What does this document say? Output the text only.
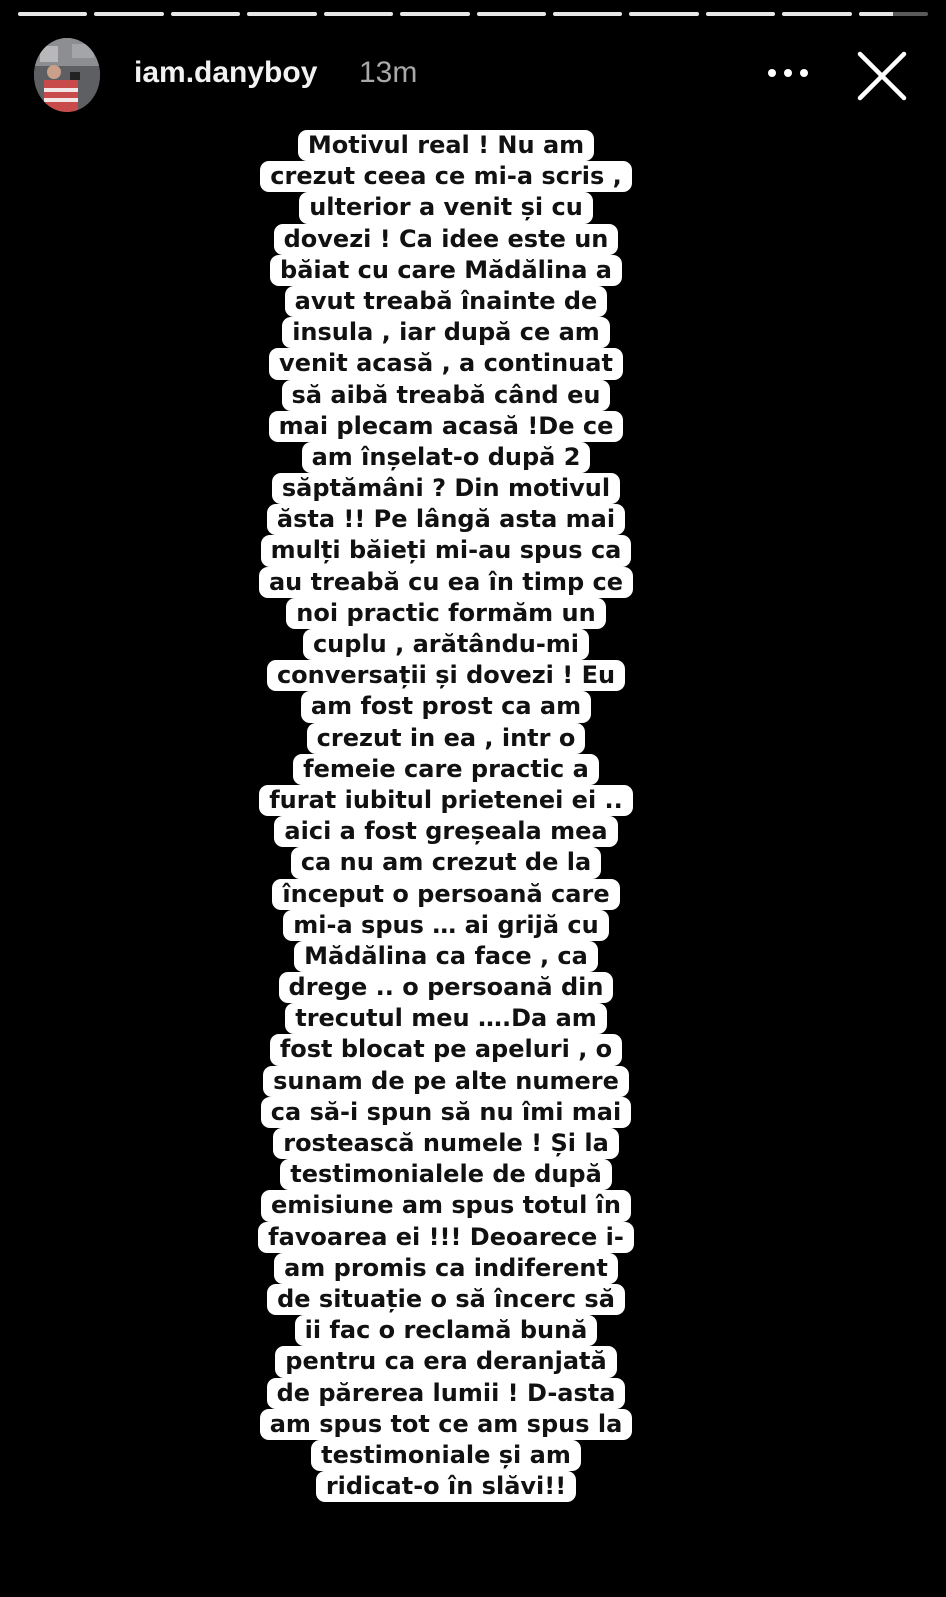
iam.danyboy 13m
Motivul real ! Nu am
crezut ceea ce mi-a scris ,
ulterior a venit și cu
dovezi ! Ca idee este un
băiat cu care Mădălina a
avut treabă înainte de
insula , iar după ce am
venit acasă , a continuat
să aibă treabă când eu
mai plecam acasă !De ce
am înșelat-o după 2
săptămâni ? Din motivul
ăsta !! Pe lângă asta mai
mulți băieți mi-au spus ca
au treabă cu ea în timp ce
noi practic formăm un
cuplu , arătându-mi
conversații și dovezi ! Eu
am fost prost ca am
crezut in ea , intr o
femeie care practic a
furat iubitul prietenei ei ..
aici a fost greșeala mea
ca nu am crezut de la
început o persoană care
mi-a spus … ai grijă cu
Mădălina ca face , ca
drege .. o persoană din
trecutul meu ….Da am
fost blocat pe apeluri , o
sunam de pe alte numere
ca să-i spun să nu îmi mai
rostească numele ! Și la
testimonialele de după
emisiune am spus totul în
favoarea ei !!! Deoarece i-
am promis ca indiferent
de situație o să încerc să
ii fac o reclamă bună
pentru ca era deranjată
de părerea lumii ! D-asta
am spus tot ce am spus la
testimoniale și am
ridicat-o în slăvi!!
